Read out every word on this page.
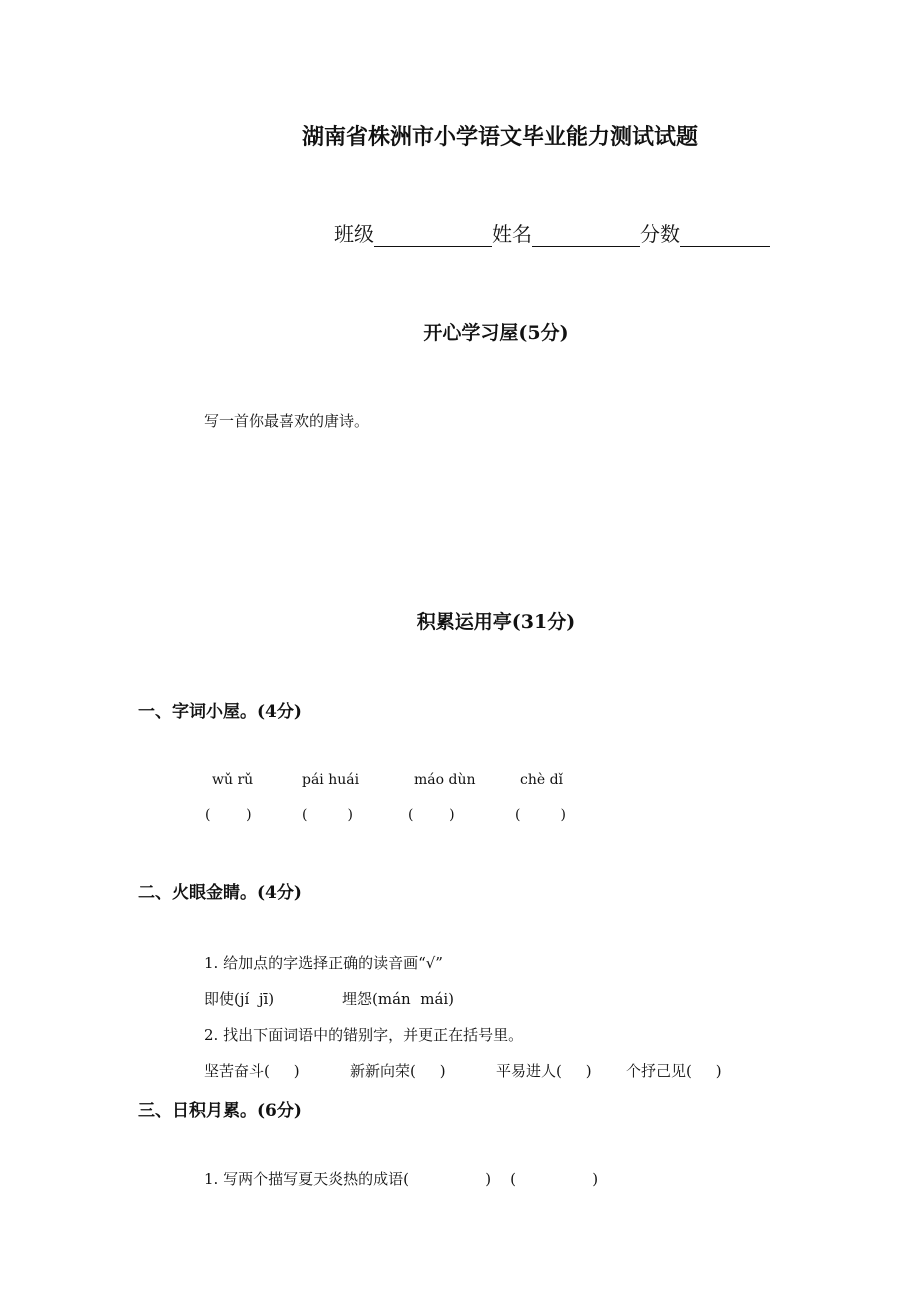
湖南省株洲市小学语文毕业能力测试试题
班级	姓名	分数
开心学习屋(5分)
写一首你最喜欢的唐诗。
积累运用亭(31分)
一、字词小屋。(4分)
wǔ rǔ	pái huái	máo dùn	chè dǐ
(        )	(         )	(        )	(         )
二、火眼金睛。(4分)
1. 给加点的字选择正确的读音画“√”
即使(jí  jī)	埋怨(mán  mái)
2. 找出下面词语中的错别字，并更正在括号里。
坚苦奋斗(     )	新新向荣(     )	平易进人(     ) 个抒己见(     )
三、日积月累。(6分)
1. 写两个描写夏天炎热的成语(                )    (                )
